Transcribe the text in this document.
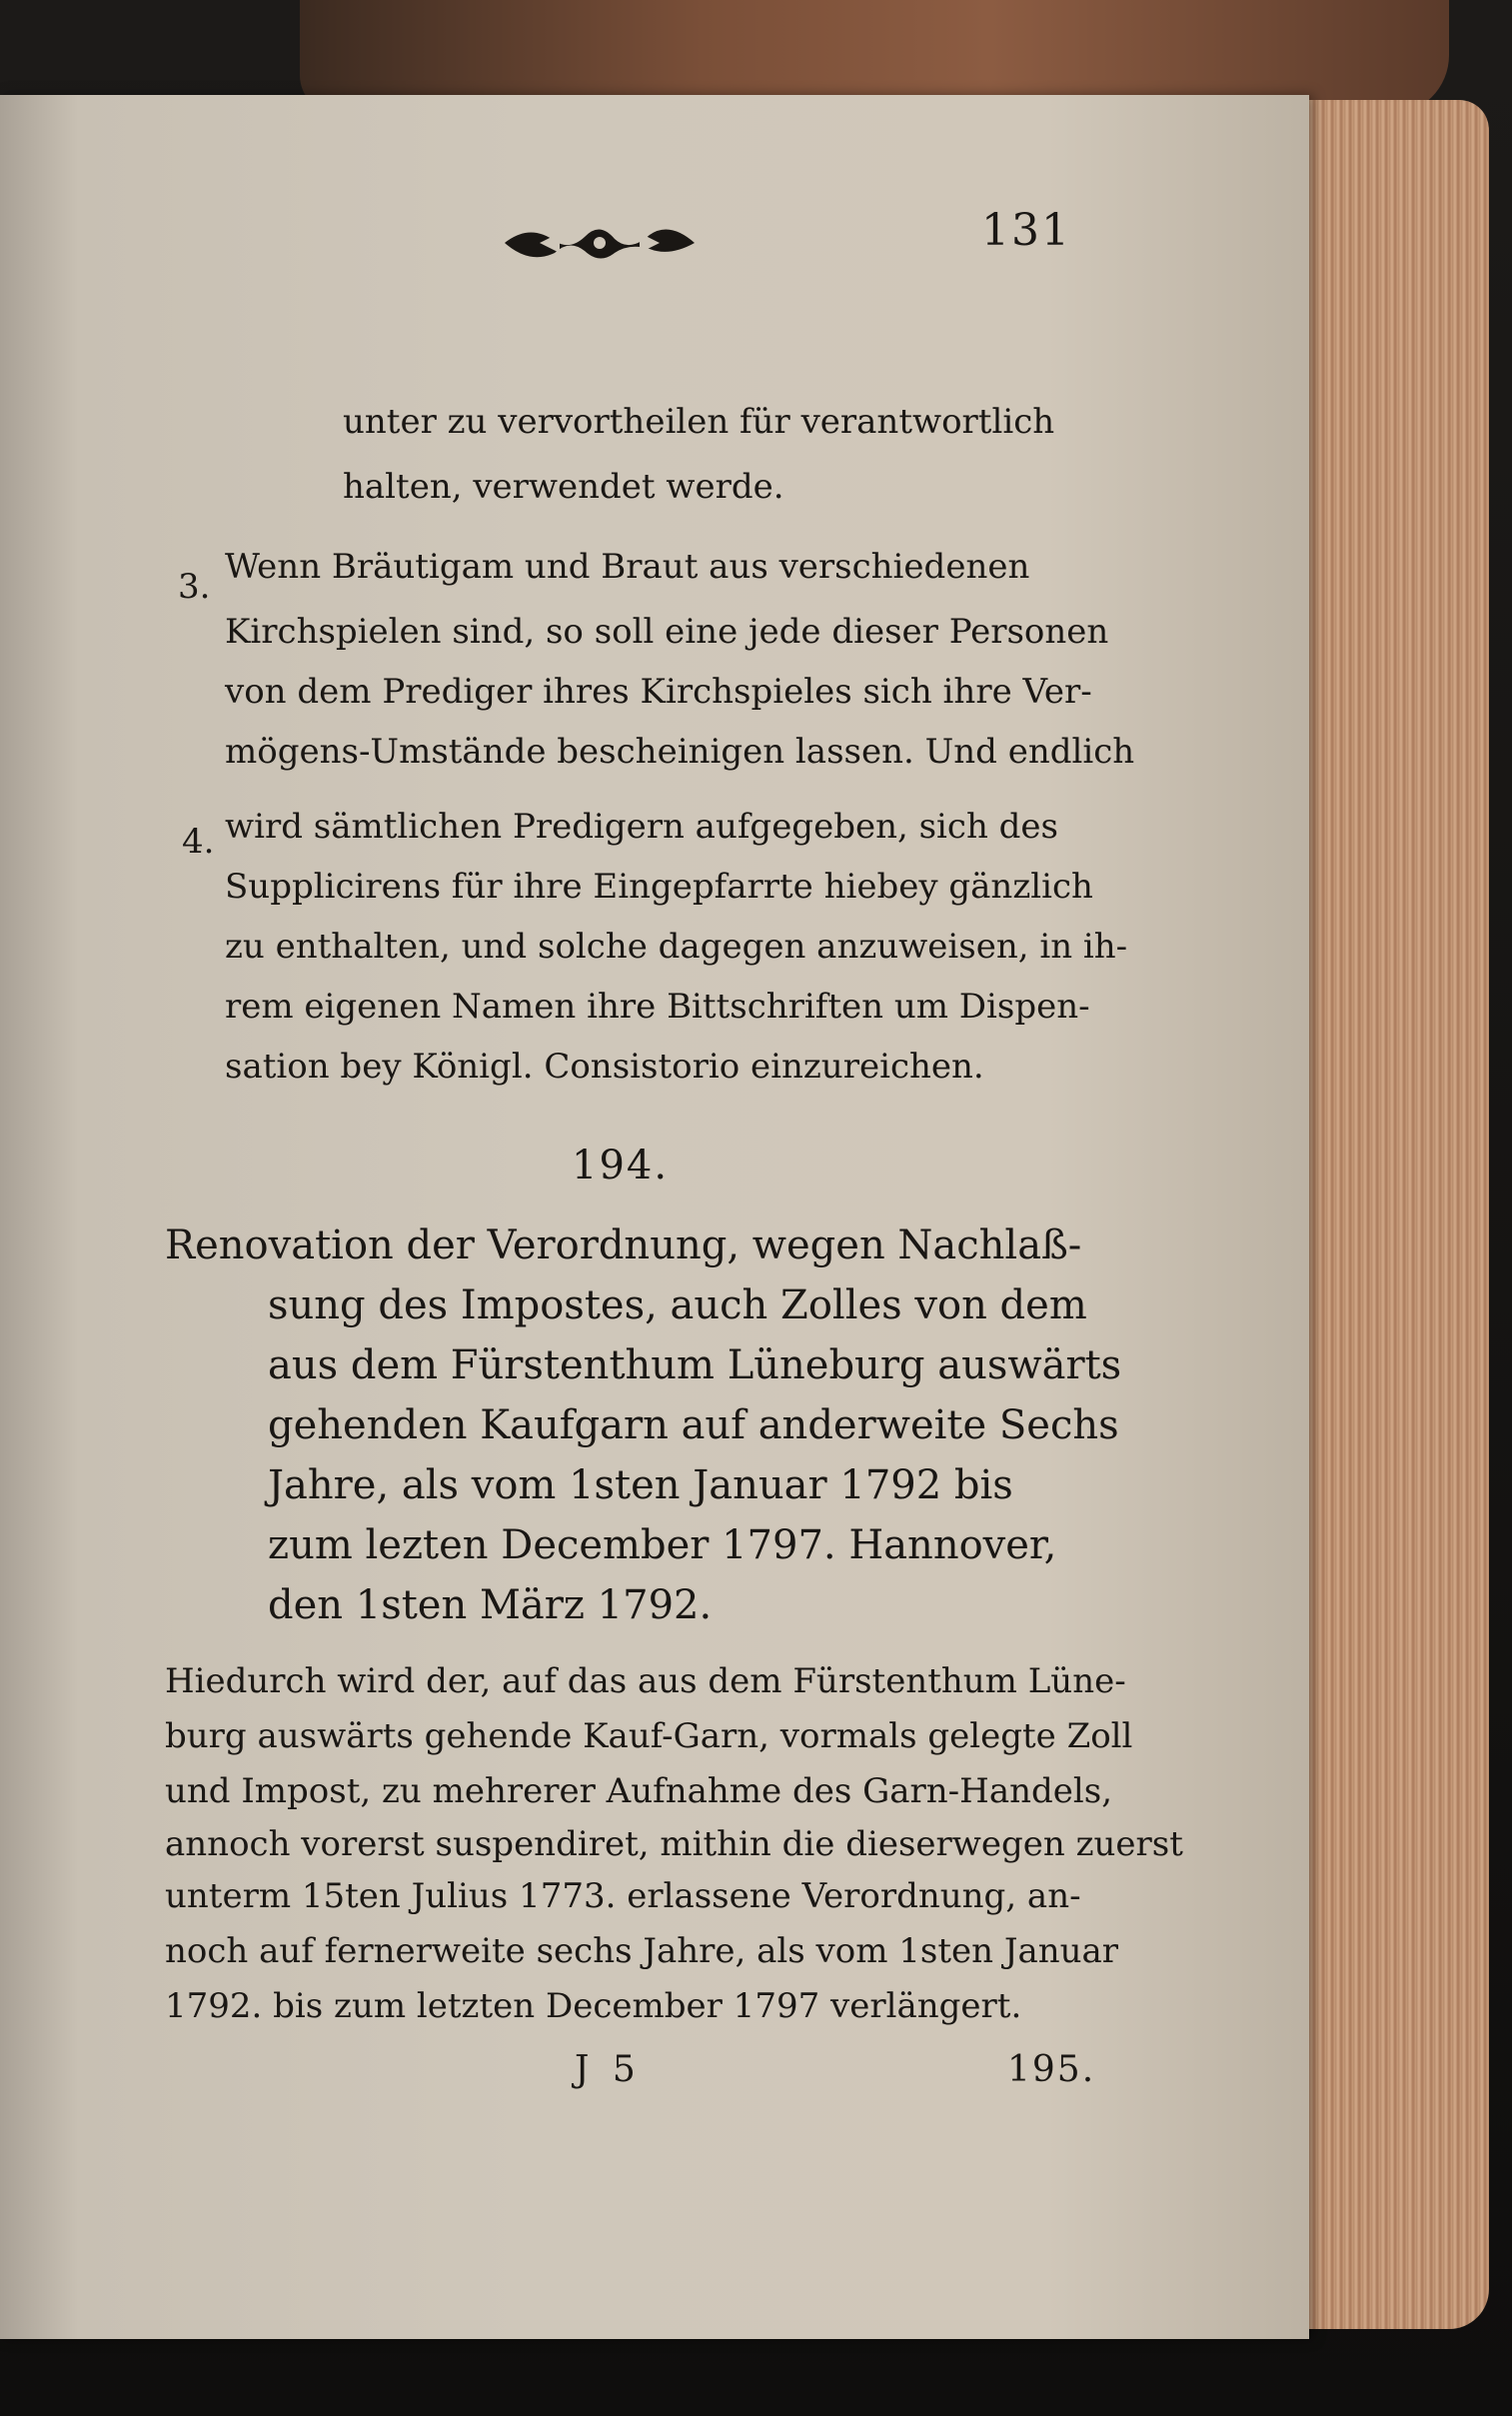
131
unter zu vervortheilen für verantwortlich
halten, verwendet werde.
3. Wenn Bräutigam und Braut aus verschiedenen
Kirchspielen sind, so soll eine jede dieser Personen
von dem Prediger ihres Kirchspieles sich ihre Ver-
mögens-Umstände bescheinigen lassen. Und endlich
4. wird sämtlichen Predigern aufgegeben, sich des
Supplicirens für ihre Eingepfarrte hiebey gänzlich
zu enthalten, und solche dagegen anzuweisen, in ih-
rem eigenen Namen ihre Bittschriften um Dispen-
sation bey Königl. Consistorio einzureichen.
194.
Renovation der Verordnung, wegen Nachlaß-
sung des Impostes, auch Zolles von dem
aus dem Fürstenthum Lüneburg auswärts
gehenden Kaufgarn auf anderweite Sechs
Jahre, als vom 1sten Januar 1792 bis
zum lezten December 1797. Hannover,
den 1sten März 1792.
Hiedurch wird der, auf das aus dem Fürstenthum Lüne-
burg auswärts gehende Kauf-Garn, vormals gelegte Zoll
und Impost, zu mehrerer Aufnahme des Garn-Handels,
annoch vorerst suspendiret, mithin die dieserwegen zuerst
unterm 15ten Julius 1773. erlassene Verordnung, an-
noch auf fernerweite sechs Jahre, als vom 1sten Januar
1792. bis zum letzten December 1797 verlängert.
J 5	195.
